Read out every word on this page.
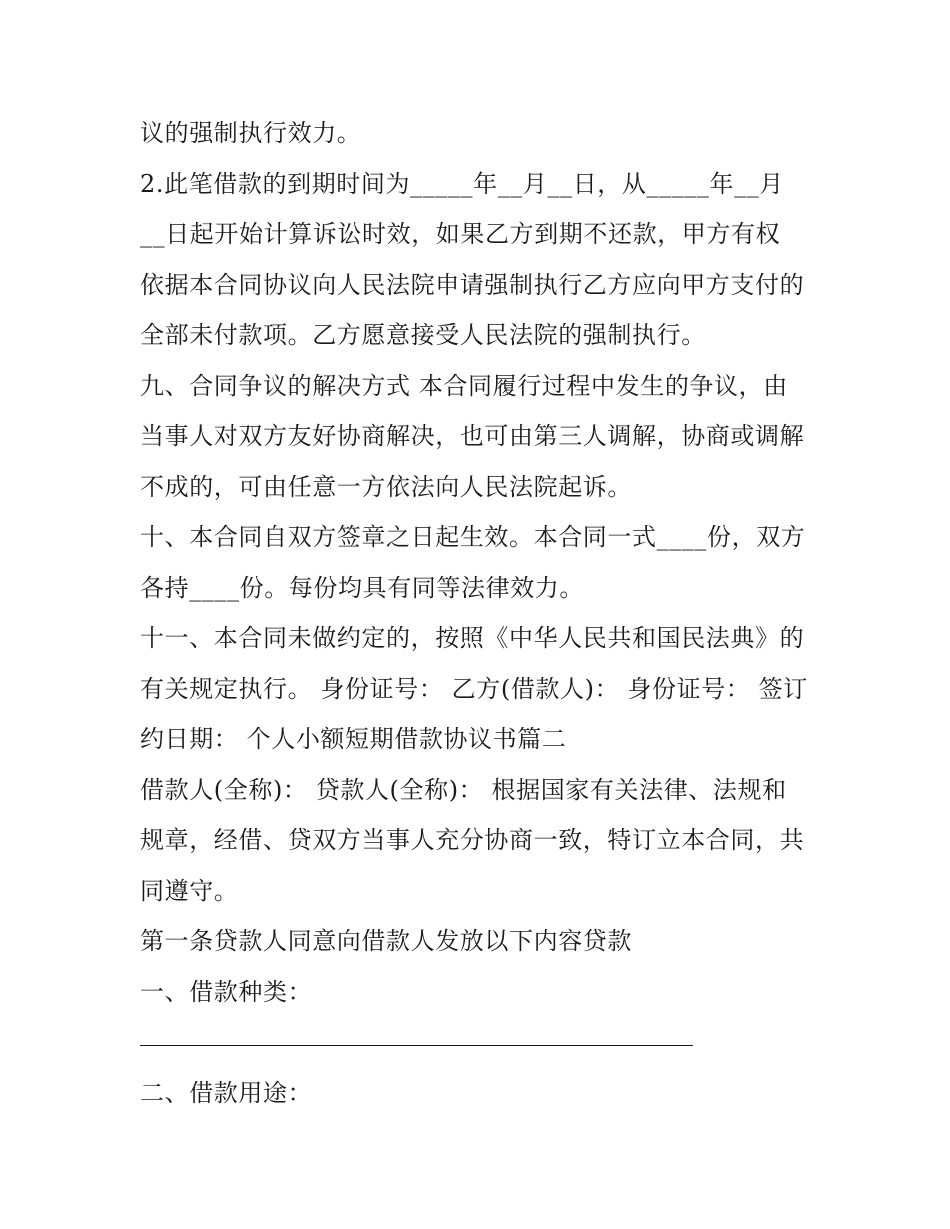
议的强制执行效力。
2.此笔借款的到期时间为_____年__月__日，从_____年__月
__日起开始计算诉讼时效，如果乙方到期不还款，甲方有权
依据本合同协议向人民法院申请强制执行乙方应向甲方支付的
全部未付款项。乙方愿意接受人民法院的强制执行。
九、合同争议的解决方式 本合同履行过程中发生的争议，由
当事人对双方友好协商解决，也可由第三人调解，协商或调解
不成的，可由任意一方依法向人民法院起诉。
十、本合同自双方签章之日起生效。本合同一式____份，双方
各持____份。每份均具有同等法律效力。
十一、本合同未做约定的，按照《中华人民共和国民法典》的
有关规定执行。 身份证号： 乙方(借款人)： 身份证号： 签订
约日期： 个人小额短期借款协议书篇二
借款人(全称)： 贷款人(全称)： 根据国家有关法律、法规和
规章，经借、贷双方当事人充分协商一致，特订立本合同，共
同遵守。
第一条贷款人同意向借款人发放以下内容贷款
一、借款种类：
二、借款用途：
